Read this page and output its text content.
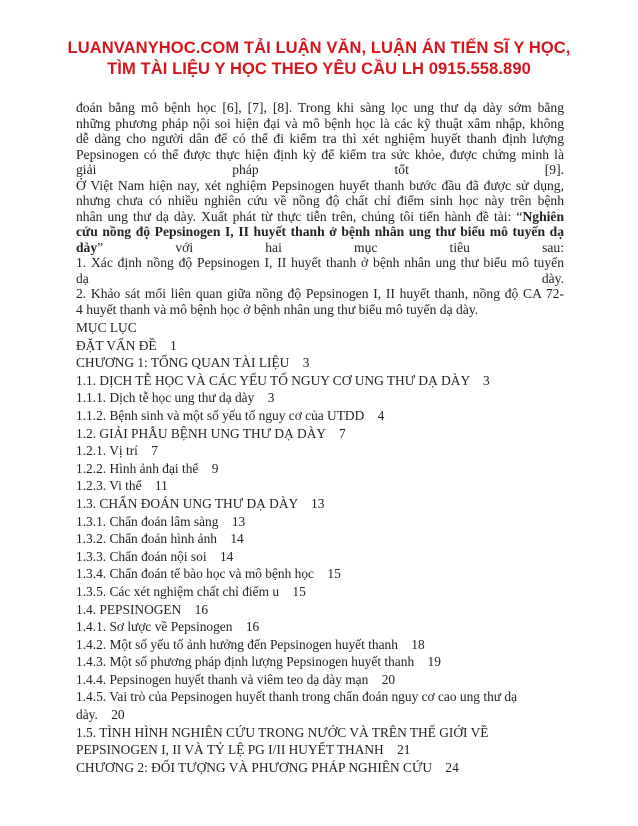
LUANVANYHOC.COM TẢI LUẬN VĂN, LUẬN ÁN TIẾN SĨ Y HỌC,
TÌM TÀI LIỆU Y HỌC THEO YÊU CẦU LH 0915.558.890
đoán bằng mô bệnh học [6], [7], [8]. Trong khi sàng lọc ung thư dạ dày sớm bằng
những phương pháp nội soi hiện đại và mô bệnh học là các kỹ thuật xâm nhập, không
dễ dàng cho người dân để có thể đi kiểm tra thì xét nghiệm huyết thanh định lượng
Pepsinogen có thể được thực hiện định kỳ để kiểm tra sức khỏe, được chứng minh là
giải pháp tốt [9].
Ở Việt Nam hiện nay, xét nghiệm Pepsinogen huyết thanh bước đầu đã được sử dụng,
nhưng chưa có nhiều nghiên cứu về nồng độ chất chỉ điểm sinh học này trên bệnh
nhân ung thư dạ dày. Xuất phát từ thực tiễn trên, chúng tôi tiến hành đề tài: “Nghiên
cứu nồng độ Pepsinogen I, II huyết thanh ở bệnh nhân ung thư biểu mô tuyến dạ
dày” với hai mục tiêu sau:
1. Xác định nồng độ Pepsinogen I, II huyết thanh ở bệnh nhân ung thư biểu mô tuyến
dạ dày.
2. Khảo sát mối liên quan giữa nồng độ Pepsinogen I, II huyết thanh, nồng độ CA 72-
4 huyết thanh và mô bệnh học ở bệnh nhân ung thư biểu mô tuyến dạ dày.
MỤC LỤC
ĐẶT VẤN ĐỀ    1
CHƯƠNG 1: TỔNG QUAN TÀI LIỆU    3
1.1. DỊCH TỄ HỌC VÀ CÁC YẾU TỐ NGUY CƠ UNG THƯ DẠ DÀY    3
1.1.1. Dịch tễ học ung thư dạ dày    3
1.1.2. Bệnh sinh và một số yếu tố nguy cơ của UTDD    4
1.2. GIẢI PHẪU BỆNH UNG THƯ DẠ DÀY    7
1.2.1. Vị trí    7
1.2.2. Hình ảnh đại thể    9
1.2.3. Vi thể    11
1.3. CHẨN ĐOÁN UNG THƯ DẠ DÀY    13
1.3.1. Chẩn đoán lâm sàng    13
1.3.2. Chẩn đoán hình ảnh    14
1.3.3. Chẩn đoán nội soi    14
1.3.4. Chẩn đoán tế bào học và mô bệnh học    15
1.3.5. Các xét nghiệm chất chỉ điểm u    15
1.4. PEPSINOGEN    16
1.4.1. Sơ lược về Pepsinogen    16
1.4.2. Một số yếu tố ảnh hưởng đến Pepsinogen huyết thanh    18
1.4.3. Một số phương pháp định lượng Pepsinogen huyết thanh    19
1.4.4. Pepsinogen huyết thanh và viêm teo dạ dày mạn    20
1.4.5. Vai trò của Pepsinogen huyết thanh trong chẩn đoán nguy cơ cao ung thư dạ
dày.    20
1.5. TÌNH HÌNH NGHIÊN CỨU TRONG NƯỚC VÀ TRÊN THẾ GIỚI VỀ
PEPSINOGEN I, II VÀ TỶ LỆ PG I/II HUYẾT THANH    21
CHƯƠNG 2: ĐỐI TƯỢNG VÀ PHƯƠNG PHÁP NGHIÊN CỨU    24
